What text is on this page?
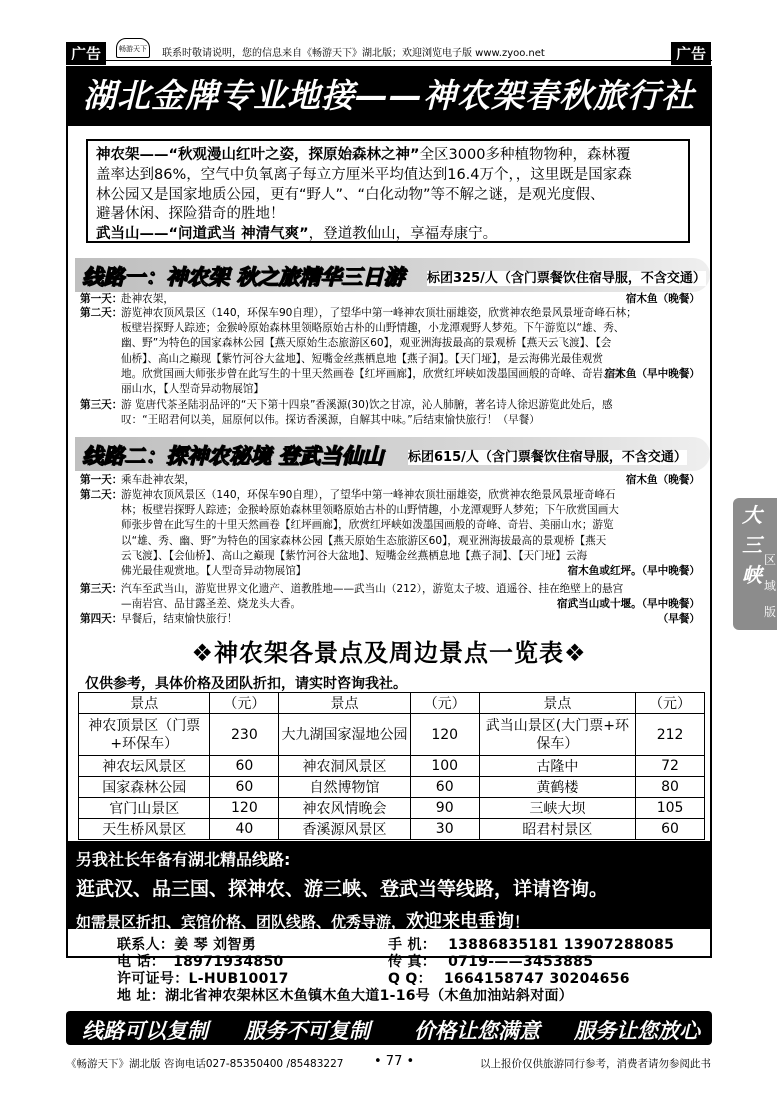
广告	畅游天下	联系时敬请说明，您的信息来自《畅游天下》湖北版；欢迎浏览电子版 www.zyoo.net	广告
湖北金牌专业地接——神农架春秋旅行社
神农架——“秋观漫山红叶之姿，探原始森林之神”全区3000多种植物物种，森林覆
盖率达到86%，空气中负氧离子每立方厘米平均值达到16.4万个，，这里既是国家森
林公园又是国家地质公园，更有“野人”、“白化动物”等不解之谜，是观光度假、
避暑休闲、探险猎奇的胜地！
武当山——“问道武当 神清气爽”，登道教仙山，享福寿康宁。
线路一：神农架 秋之旅精华三日游 标团325/人（含门票餐饮住宿导服，不含交通）
第一天：
赴神农架，	宿木鱼（晚餐）
第二天：
游览神农顶风景区（140，环保车90自理），了望华中第一峰神农顶壮丽雄姿，欣赏神农绝景风景垭奇峰石林；
板壁岩探野人踪迹；金猴岭原始森林里领略原始古朴的山野情趣，小龙潭观野人梦苑。下午游览以“雄、秀、
幽、野”为特色的国家森林公园【燕天原始生态旅游区60】，观亚洲海拔最高的景观桥【燕天云飞渡】、【会
仙桥】、高山之巅现【紫竹河谷大盆地】、短嘴金丝燕栖息地【燕子洞】。【天门垭】，是云海佛光最佳观赏
地。欣赏国画大师张步曾在此写生的十里天然画卷【红坪画廊】，欣赏红坪峡如泼墨国画般的奇峰、奇岩、美
丽山水，【人型奇异动物展馆】
宿木鱼（早中晚餐）
第三天：
游 览唐代茶圣陆羽品评的“天下第十四泉”香溪源(30)饮之甘凉，沁人肺腑，著名诗人徐迟游览此处后，感
叹：“王昭君何以美，屈原何以伟。探访香溪源，自解其中味。”后结束愉快旅行！（早餐）
线路二：探神农秘境 登武当仙山 标团615/人（含门票餐饮住宿导服，不含交通）
第一天：
乘车赴神农架，	宿木鱼（晚餐）
第二天：
游览神农顶风景区（140，环保车90自理），了望华中第一峰神农顶壮丽雄姿，欣赏神农绝景风景垭奇峰石
林；板壁岩探野人踪迹；金猴岭原始森林里领略原始古朴的山野情趣，小龙潭观野人梦苑；下午欣赏国画大
师张步曾在此写生的十里天然画卷【红坪画廊】，欣赏红坪峡如泼墨国画般的奇峰、奇岩、美丽山水；游览
以“雄、秀、幽、野”为特色的国家森林公园【燕天原始生态旅游区60】，观亚洲海拔最高的景观桥【燕天
云飞渡】、【会仙桥】、高山之巅现【紫竹河谷大盆地】、短嘴金丝燕栖息地【燕子洞】、【天门垭】云海
佛光最佳观赏地。【人型奇异动物展馆】	宿木鱼或红坪。（早中晚餐）
第三天：
汽车至武当山，游览世界文化遗产、道教胜地——武当山（212），游览太子坡、逍遥谷、挂在绝壁上的悬宫
—南岩宫、品甘露圣差、烧龙头大香。	宿武当山或十堰。（早中晚餐）
第四天：
早餐后，结束愉快旅行！	（早餐）
❖神农架各景点及周边景点一览表❖
仅供参考，具体价格及团队折扣，请实时咨询我社。
景点	（元）	景点	（元）	景点	（元）
神农顶景区（门票+环保车）	230	大九湖国家湿地公园	120	武当山景区(大门票+环保车）	212
神农坛风景区	60	神农洞风景区	100	古隆中	72
国家森林公园	60	自然博物馆	60	黄鹤楼	80
官门山景区	120	神农风情晚会	90	三峡大坝	105
天生桥风景区	40	香溪源风景区	30	昭君村景区	60
另我社长年备有湖北精品线路:
逛武汉、品三国、探神农、游三峡、登武当等线路，详请咨询。
如需景区折扣、宾馆价格、团队线路、优秀导游，欢迎来电垂询！
联系人：姜 琴 刘智勇	手 机： 13886835181 13907288085
电 话： 18971934850	传 真： 0719-——3453885
许可证号：L-HUB10017	Q Q： 1664158747 30204656
地 址：湖北省神农架林区木鱼镇木鱼大道1-16号（木鱼加油站斜对面）
线路可以复制 服务不可复制 价格让您满意 服务让您放心
《畅游天下》湖北版 咨询电话027-85350400 /85483227 • 77 •	以上报价仅供旅游同行参考，消费者请勿参阅此书
大
三
峡
区
域
版
